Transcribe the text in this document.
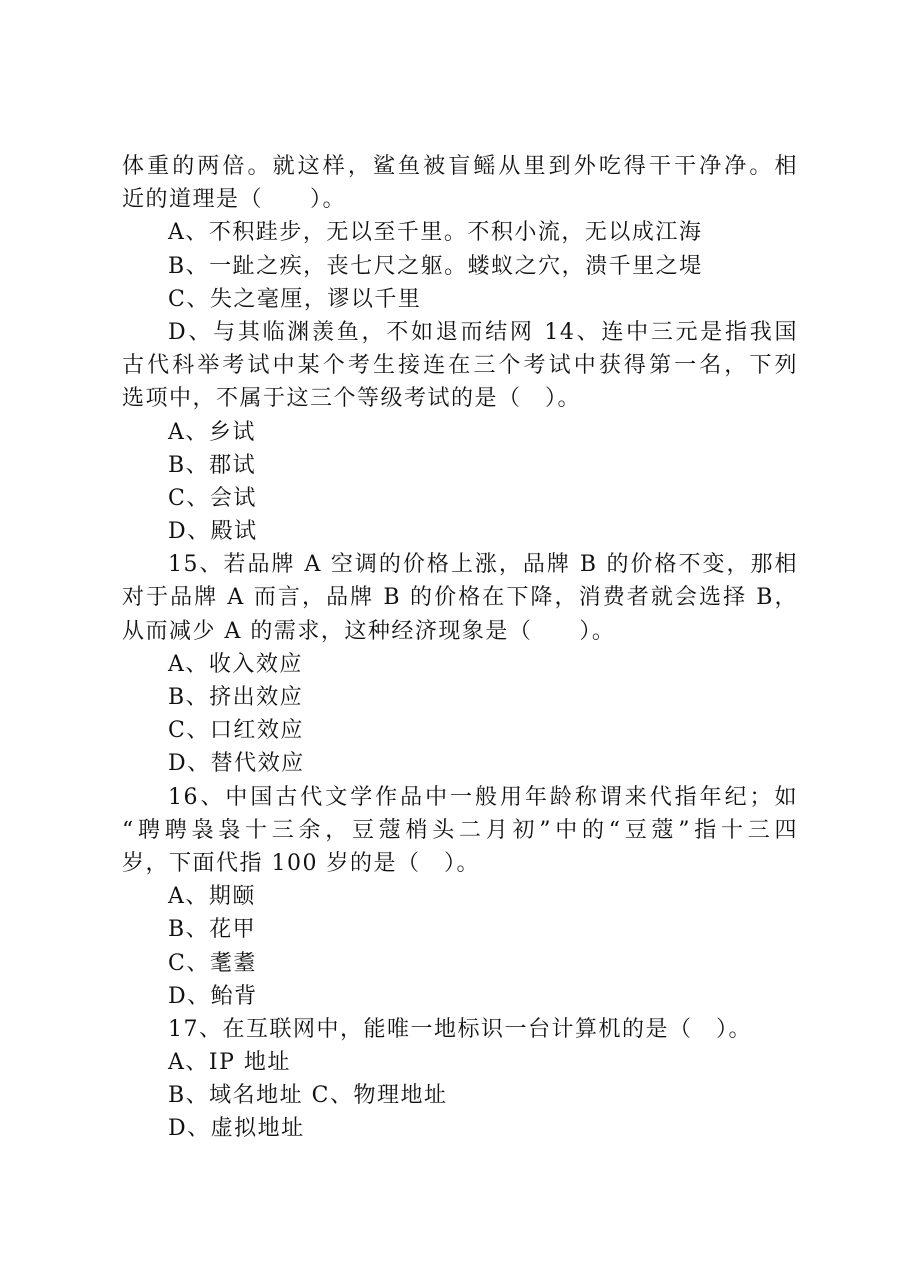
体重的两倍。就这样，鲨鱼被盲鳐从里到外吃得干干净净。相
近的道理是（　　）。
A、不积跬步，无以至千里。不积小流，无以成江海
B、一趾之疾，丧七尺之躯。蝼蚁之穴，溃千里之堤
C、失之毫厘，谬以千里
D、与其临渊羡鱼，不如退而结网 14、连中三元是指我国
古代科举考试中某个考生接连在三个考试中获得第一名，下列
选项中，不属于这三个等级考试的是（　）。
A、乡试
B、郡试
C、会试
D、殿试
15、若品牌 A 空调的价格上涨，品牌 B 的价格不变，那相
对于品牌 A 而言，品牌 B 的价格在下降，消费者就会选择 B，
从而减少 A 的需求，这种经济现象是（　　）。
A、收入效应
B、挤出效应
C、口红效应
D、替代效应
16、中国古代文学作品中一般用年龄称谓来代指年纪；如
“聘聘袅袅十三余，豆蔻梢头二月初”中的“豆蔻”指十三四
岁，下面代指 100 岁的是（　）。
A、期颐
B、花甲
C、耄耋
D、鲐背
17、在互联网中，能唯一地标识一台计算机的是（　）。
A、IP 地址
B、域名地址 C、物理地址
D、虚拟地址
